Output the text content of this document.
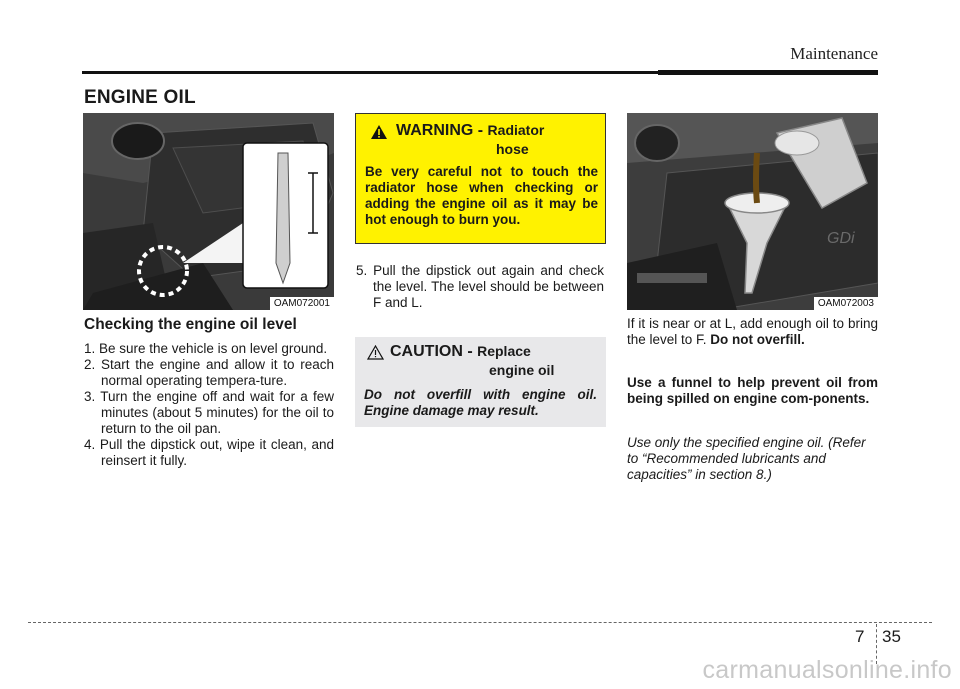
Maintenance
ENGINE OIL
OAM072001
Checking the engine oil level
1. Be sure the vehicle is on level ground.
2. Start the engine and allow it to reach normal operating tempera-ture.
3. Turn the engine off and wait for a few minutes (about 5 minutes) for the oil to return to the oil pan.
4. Pull the dipstick out, wipe it clean, and reinsert it fully.
WARNING - Radiator
hose
Be very careful not to touch the radiator hose when checking or adding the engine oil as it may be hot enough to burn you.
5. Pull the dipstick out again and check the level. The level should be between F and L.
CAUTION - Replace
engine oil
Do not overfill with engine oil. Engine damage may result.
GDi
OAM072003
If it is near or at L, add enough oil to bring the level to F. Do not overfill.
Use a funnel to help prevent oil from being spilled on engine com-ponents.
Use only the specified engine oil. (Refer to “Recommended lubricants and capacities” in section 8.)
7 35
carmanualsonline.info
